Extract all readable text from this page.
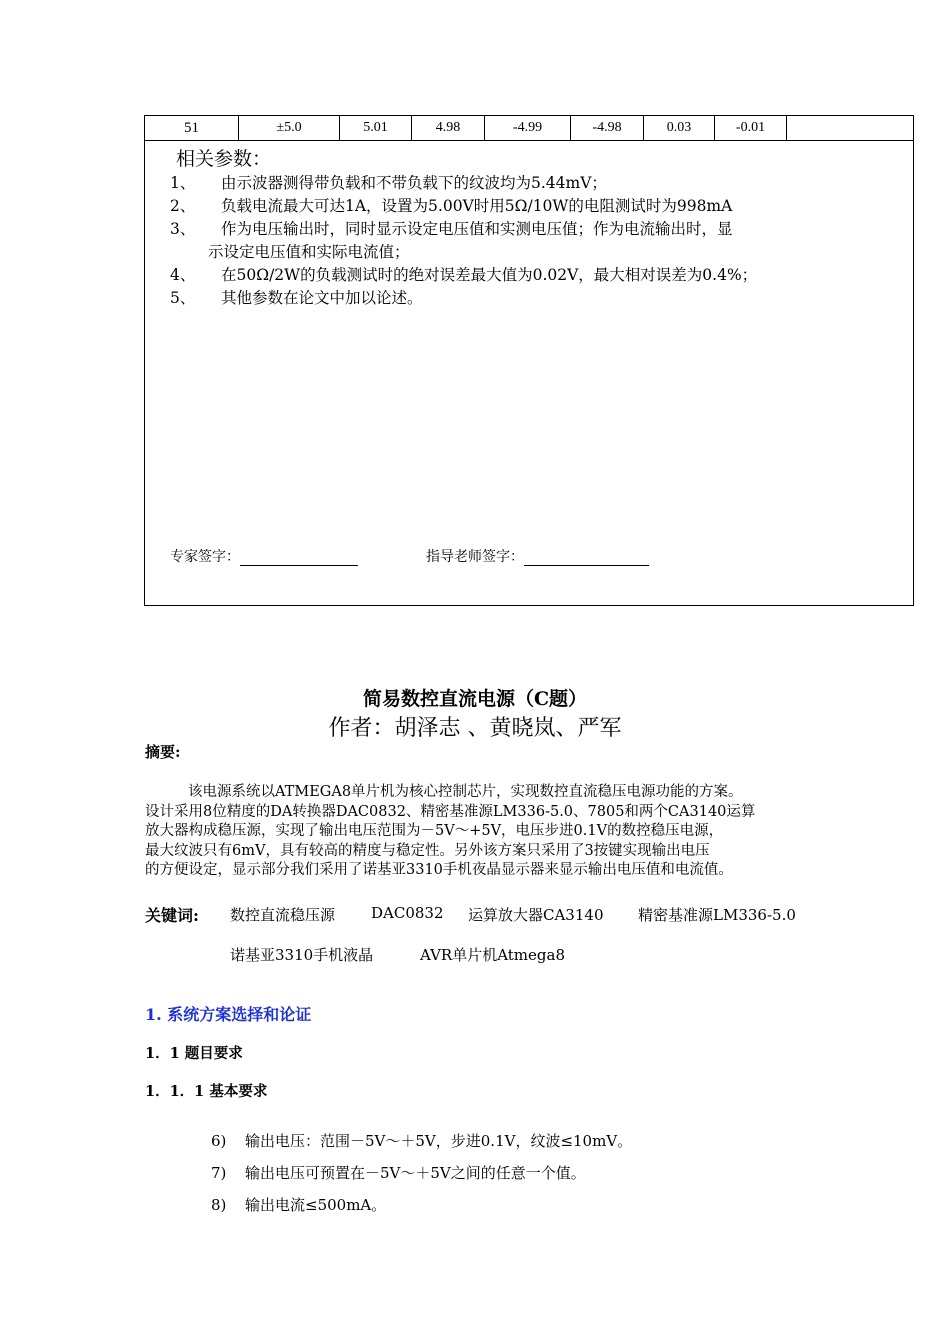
51	±5.0	5.01	4.98	-4.99	-4.98	0.03	-0.01
相关参数：
1、 由示波器测得带负载和不带负载下的纹波均为5.44mV；
2、 负载电流最大可达1A，设置为5.00V时用5Ω/10W的电阻测试时为998mA
3、 作为电压输出时，同时显示设定电压值和实测电压值；作为电流输出时，显
示设定电压值和实际电流值；
4、 在50Ω/2W的负载测试时的绝对误差最大值为0.02V，最大相对误差为0.4%；
5、 其他参数在论文中加以论述。
专家签字：	指导老师签字：
简易数控直流电源（C题）
作者：胡泽志 、黄晓岚、严军
摘要:
该电源系统以ATMEGA8单片机为核心控制芯片，实现数控直流稳压电源功能的方案。
设计采用8位精度的DA转换器DAC0832、精密基准源LM336-5.0、7805和两个CA3140运算
放大器构成稳压源，实现了输出电压范围为－5V～+5V，电压步进0.1V的数控稳压电源，
最大纹波只有6mV，具有较高的精度与稳定性。另外该方案只采用了3按键实现输出电压
的方便设定，显示部分我们采用了诺基亚3310手机夜晶显示器来显示输出电压值和电流值。
关键词: 数控直流稳压源 DAC0832 运算放大器CA3140 精密基准源LM336-5.0
诺基亚3310手机液晶	AVR单片机Atmega8
1. 系统方案选择和论证
1．1 题目要求
1．1．1 基本要求
6) 输出电压：范围－5V～＋5V，步进0.1V，纹波≤10mV。
7) 输出电压可预置在－5V～＋5V之间的任意一个值。
8) 输出电流≤500mA。
